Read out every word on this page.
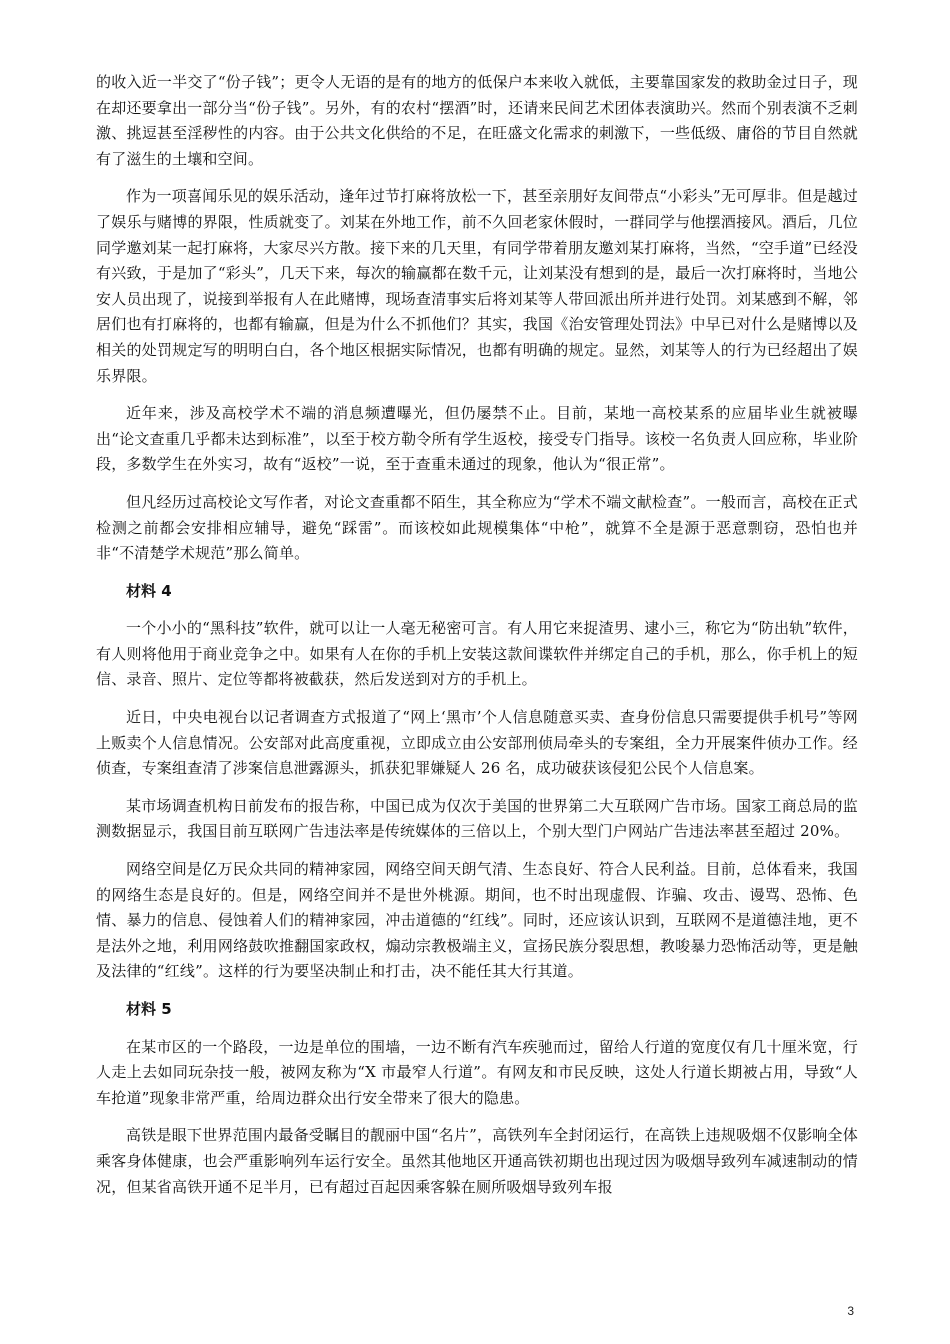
的收入近一半交了“份子钱”；更令人无语的是有的地方的低保户本来收入就低，主要靠国家发的救助金过日子，现在却还要拿出一部分当“份子钱”。另外，有的农村“摆酒”时，还请来民间艺术团体表演助兴。然而个别表演不乏刺激、挑逗甚至淫秽性的内容。由于公共文化供给的不足，在旺盛文化需求的刺激下，一些低级、庸俗的节目自然就有了滋生的土壤和空间。

作为一项喜闻乐见的娱乐活动，逢年过节打麻将放松一下，甚至亲朋好友间带点“小彩头”无可厚非。但是越过了娱乐与赌博的界限，性质就变了。刘某在外地工作，前不久回老家休假时，一群同学与他摆酒接风。酒后，几位同学邀刘某一起打麻将，大家尽兴方散。接下来的几天里，有同学带着朋友邀刘某打麻将，当然，“空手道”已经没有兴致，于是加了“彩头”，几天下来，每次的输赢都在数千元，让刘某没有想到的是，最后一次打麻将时，当地公安人员出现了，说接到举报有人在此赌博，现场查清事实后将刘某等人带回派出所并进行处罚。刘某感到不解，邻居们也有打麻将的，也都有输赢，但是为什么不抓他们？其实，我国《治安管理处罚法》中早已对什么是赌博以及相关的处罚规定写的明明白白，各个地区根据实际情况，也都有明确的规定。显然，刘某等人的行为已经超出了娱乐界限。

近年来，涉及高校学术不端的消息频遭曝光，但仍屡禁不止。目前，某地一高校某系的应届毕业生就被曝出“论文查重几乎都未达到标准”，以至于校方勒令所有学生返校，接受专门指导。该校一名负责人回应称，毕业阶段，多数学生在外实习，故有“返校”一说，至于查重未通过的现象，他认为“很正常”。

但凡经历过高校论文写作者，对论文查重都不陌生，其全称应为“学术不端文献检查”。一般而言，高校在正式检测之前都会安排相应辅导，避免“踩雷”。而该校如此规模集体“中枪”，就算不全是源于恶意剽窃，恐怕也并非“不清楚学术规范”那么简单。

材料 4

一个小小的“黑科技”软件，就可以让一人毫无秘密可言。有人用它来捉渣男、逮小三，称它为“防出轨”软件，有人则将他用于商业竞争之中。如果有人在你的手机上安装这款间谍软件并绑定自己的手机，那么，你手机上的短信、录音、照片、定位等都将被截获，然后发送到对方的手机上。

近日，中央电视台以记者调查方式报道了“网上‘黑市’个人信息随意买卖、查身份信息只需要提供手机号”等网上贩卖个人信息情况。公安部对此高度重视，立即成立由公安部刑侦局牵头的专案组，全力开展案件侦办工作。经侦查，专案组查清了涉案信息泄露源头，抓获犯罪嫌疑人 26 名，成功破获该侵犯公民个人信息案。

某市场调查机构日前发布的报告称，中国已成为仅次于美国的世界第二大互联网广告市场。国家工商总局的监测数据显示，我国目前互联网广告违法率是传统媒体的三倍以上，个别大型门户网站广告违法率甚至超过 20%。

网络空间是亿万民众共同的精神家园，网络空间天朗气清、生态良好、符合人民利益。目前，总体看来，我国的网络生态是良好的。但是，网络空间并不是世外桃源。期间，也不时出现虚假、诈骗、攻击、谩骂、恐怖、色情、暴力的信息、侵蚀着人们的精神家园，冲击道德的“红线”。同时，还应该认识到，互联网不是道德洼地，更不是法外之地，利用网络鼓吹推翻国家政权，煽动宗教极端主义，宣扬民族分裂思想，教唆暴力恐怖活动等，更是触及法律的“红线”。这样的行为要坚决制止和打击，决不能任其大行其道。

材料 5

在某市区的一个路段，一边是单位的围墙，一边不断有汽车疾驰而过，留给人行道的宽度仅有几十厘米宽，行人走上去如同玩杂技一般，被网友称为“X 市最窄人行道”。有网友和市民反映，这处人行道长期被占用，导致“人车抢道”现象非常严重，给周边群众出行安全带来了很大的隐患。

高铁是眼下世界范围内最备受瞩目的靓丽中国“名片”，高铁列车全封闭运行，在高铁上违规吸烟不仅影响全体乘客身体健康，也会严重影响列车运行安全。虽然其他地区开通高铁初期也出现过因为吸烟导致列车减速制动的情况，但某省高铁开通不足半月，已有超过百起因乘客躲在厕所吸烟导致列车报

3
